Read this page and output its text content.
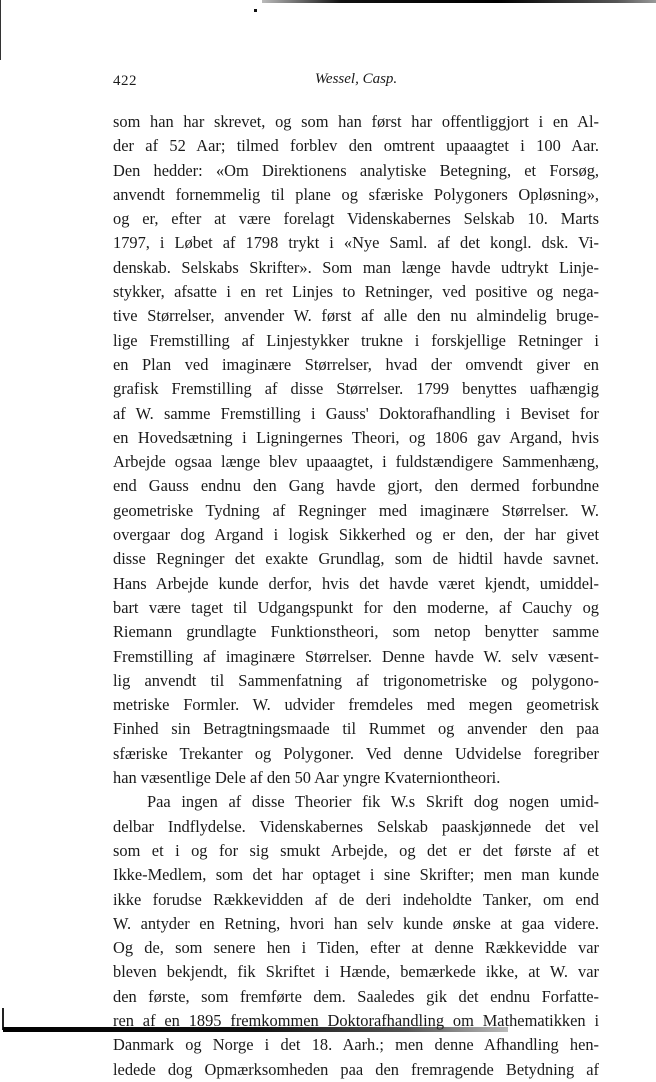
422	Wessel, Casp.
som han har skrevet, og som han først har offentliggjort i en Al-
der af 52 Aar; tilmed forblev den omtrent upaaagtet i 100 Aar.
Den hedder: «Om Direktionens analytiske Betegning, et Forsøg,
anvendt fornemmelig til plane og sfæriske Polygoners Opløsning»,
og er, efter at være forelagt Videnskabernes Selskab 10. Marts
1797, i Løbet af 1798 trykt i «Nye Saml. af det kongl. dsk. Vi-
denskab. Selskabs Skrifter». Som man længe havde udtrykt Linje-
stykker, afsatte i en ret Linjes to Retninger, ved positive og nega-
tive Størrelser, anvender W. først af alle den nu almindelig bruge-
lige Fremstilling af Linjestykker trukne i forskjellige Retninger i
en Plan ved imaginære Størrelser, hvad der omvendt giver en
grafisk Fremstilling af disse Størrelser. 1799 benyttes uafhængig
af W. samme Fremstilling i Gauss' Doktorafhandling i Beviset for
en Hovedsætning i Ligningernes Theori, og 1806 gav Argand, hvis
Arbejde ogsaa længe blev upaaagtet, i fuldstændigere Sammenhæng,
end Gauss endnu den Gang havde gjort, den dermed forbundne
geometriske Tydning af Regninger med imaginære Størrelser. W.
overgaar dog Argand i logisk Sikkerhed og er den, der har givet
disse Regninger det exakte Grundlag, som de hidtil havde savnet.
Hans Arbejde kunde derfor, hvis det havde været kjendt, umiddel-
bart være taget til Udgangspunkt for den moderne, af Cauchy og
Riemann grundlagte Funktionstheori, som netop benytter samme
Fremstilling af imaginære Størrelser. Denne havde W. selv væsent-
lig anvendt til Sammenfatning af trigonometriske og polygono-
metriske Formler. W. udvider fremdeles med megen geometrisk
Finhed sin Betragtningsmaade til Rummet og anvender den paa
sfæriske Trekanter og Polygoner. Ved denne Udvidelse foregriber
han væsentlige Dele af den 50 Aar yngre Kvaterniontheori.
Paa ingen af disse Theorier fik W.s Skrift dog nogen umid-
delbar Indflydelse. Videnskabernes Selskab paaskjønnede det vel
som et i og for sig smukt Arbejde, og det er det første af et
Ikke-Medlem, som det har optaget i sine Skrifter; men man kunde
ikke forudse Rækkevidden af de deri indeholdte Tanker, om end
W. antyder en Retning, hvori han selv kunde ønske at gaa videre.
Og de, som senere hen i Tiden, efter at denne Rækkevidde var
bleven bekjendt, fik Skriftet i Hænde, bemærkede ikke, at W. var
den første, som fremførte dem. Saaledes gik det endnu Forfatte-
ren af en 1895 fremkommen Doktorafhandling om Mathematikken i
Danmark og Norge i det 18. Aarh.; men denne Afhandling hen-
ledede dog Opmærksomheden paa den fremragende Betydning af
